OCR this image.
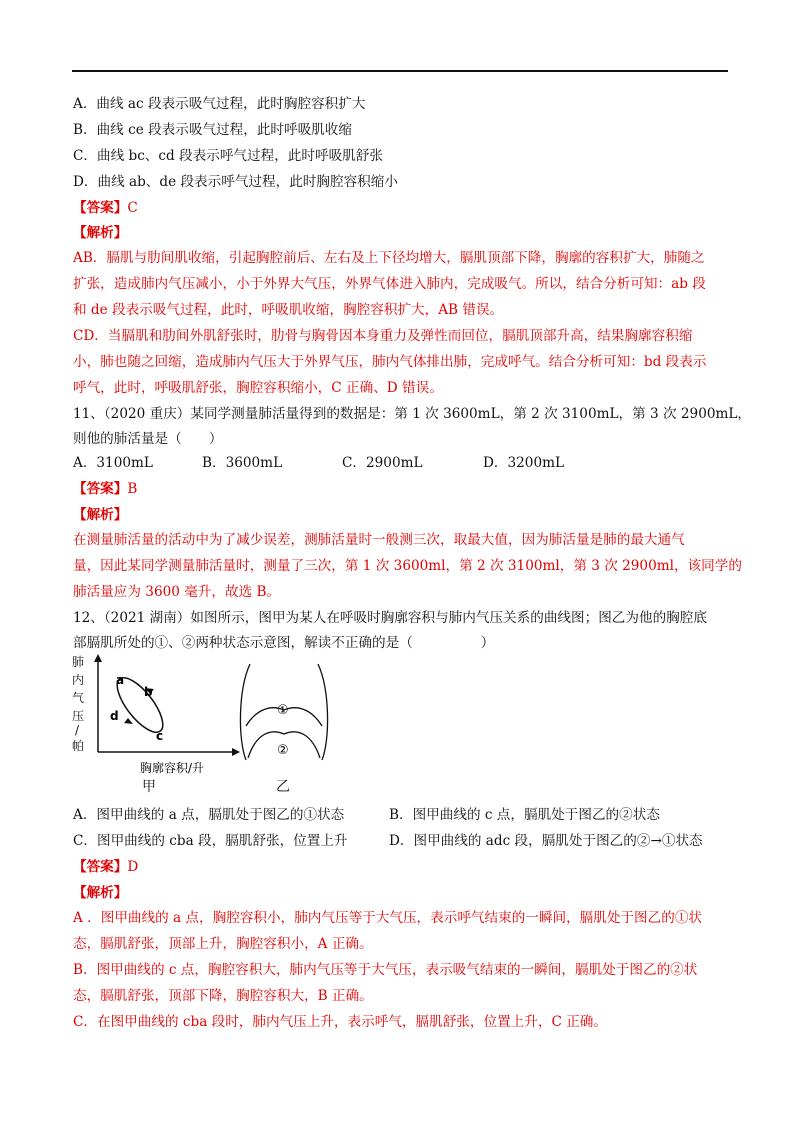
A．曲线 ac 段表示吸气过程，此时胸腔容积扩大
B．曲线 ce 段表示吸气过程，此时呼吸肌收缩
C．曲线 bc、cd 段表示呼气过程，此时呼吸肌舒张
D．曲线 ab、de 段表示呼气过程，此时胸腔容积缩小
【答案】C
【解析】
AB．膈肌与肋间肌收缩，引起胸腔前后、左右及上下径均增大，膈肌顶部下降，胸廓的容积扩大，肺随之
扩张，造成肺内气压减小，小于外界大气压，外界气体进入肺内，完成吸气。所以，结合分析可知：ab 段
和 de 段表示吸气过程，此时，呼吸肌收缩，胸腔容积扩大，AB 错误。
CD．当膈肌和肋间外肌舒张时，肋骨与胸骨因本身重力及弹性而回位，膈肌顶部升高，结果胸廓容积缩
小，肺也随之回缩，造成肺内气压大于外界气压，肺内气体排出肺，完成呼气。结合分析可知：bd 段表示
呼气，此时，呼吸肌舒张，胸腔容积缩小，C 正确、D 错误。
11、（2020 重庆）某同学测量肺活量得到的数据是：第 1 次 3600mL，第 2 次 3100mL，第 3 次 2900mL，
则他的肺活量是（　　）
A．3100mL	B．3600mL	C．2900mL	D．3200mL
【答案】B
【解析】
在测量肺活量的活动中为了减少误差，测肺活量时一般测三次，取最大值，因为肺活量是肺的最大通气
量，因此某同学测量肺活量时，测量了三次，第 1 次 3600ml，第 2 次 3100ml，第 3 次 2900ml，该同学的
肺活量应为 3600 毫升，故选 B。
12、（2021 湖南）如图所示，图甲为某人在呼吸时胸廓容积与肺内气压关系的曲线图；图乙为他的胸腔底
部膈肌所处的①、②两种状态示意图，解读不正确的是（　　　　　）
肺
内
气
压
/
帕
a
b
d
c
胸廓容积/升
甲
①
②
乙
A．图甲曲线的 a 点，膈肌处于图乙的①状态	B．图甲曲线的 c 点，膈肌处于图乙的②状态
C．图甲曲线的 cba 段，膈肌舒张，位置上升	D．图甲曲线的 adc 段，膈肌处于图乙的②→①状态
【答案】D
【解析】
A ．图甲曲线的 a 点，胸腔容积小，肺内气压等于大气压，表示呼气结束的一瞬间，膈肌处于图乙的①状
态，膈肌舒张，顶部上升，胸腔容积小，A 正确。
B．图甲曲线的 c 点，胸腔容积大，肺内气压等于大气压，表示吸气结束的一瞬间，膈肌处于图乙的②状
态，膈肌舒张，顶部下降，胸腔容积大，B 正确。
C．在图甲曲线的 cba 段时，肺内气压上升，表示呼气，膈肌舒张，位置上升，C 正确。
